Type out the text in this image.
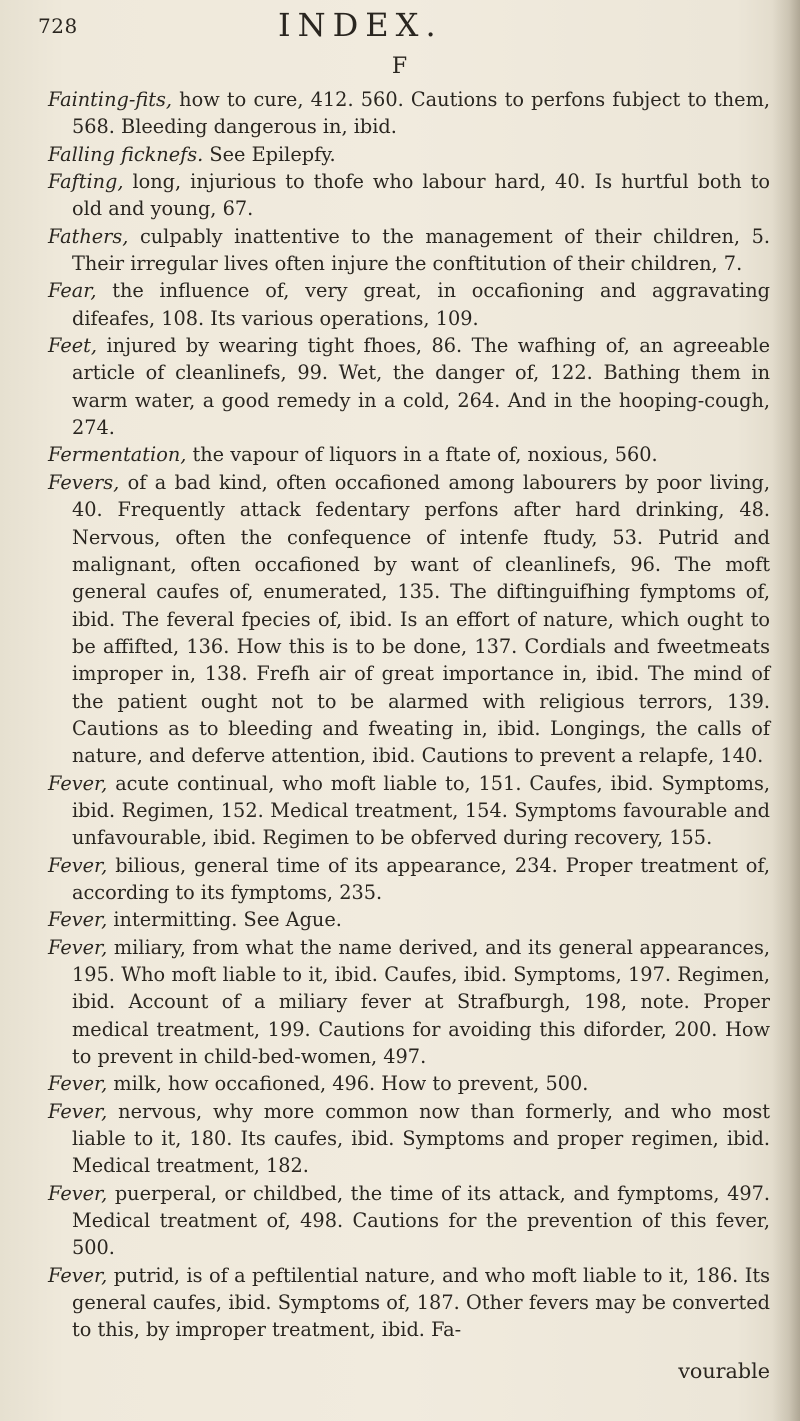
728	INDEX.
F

Fainting-fits, how to cure, 412. 560. Cautions to perfons fubject to them, 568. Bleeding dangerous in, ibid.

Falling ficknefs. See Epilepfy.

Fafting, long, injurious to thofe who labour hard, 40. Is hurtful both to old and young, 67.

Fathers, culpably inattentive to the management of their children, 5. Their irregular lives often injure the conftitution of their children, 7.

Fear, the influence of, very great, in occafioning and aggravating difeafes, 108. Its various operations, 109.

Feet, injured by wearing tight fhoes, 86. The wafhing of, an agreeable article of cleanlinefs, 99. Wet, the danger of, 122. Bathing them in warm water, a good remedy in a cold, 264. And in the hooping-cough, 274.

Fermentation, the vapour of liquors in a ftate of, noxious, 560.

Fevers, of a bad kind, often occafioned among labourers by poor living, 40. Frequently attack fedentary perfons after hard drinking, 48. Nervous, often the confequence of intenfe ftudy, 53. Putrid and malignant, often occafioned by want of cleanlinefs, 96. The moft general caufes of, enumerated, 135. The diftinguifhing fymptoms of, ibid. The feveral fpecies of, ibid. Is an effort of nature, which ought to be affifted, 136. How this is to be done, 137. Cordials and fweetmeats improper in, 138. Frefh air of great importance in, ibid. The mind of the patient ought not to be alarmed with religious terrors, 139. Cautions as to bleeding and fweating in, ibid. Longings, the calls of nature, and deferve attention, ibid. Cautions to prevent a relapfe, 140.

Fever, acute continual, who moft liable to, 151. Caufes, ibid. Symptoms, ibid. Regimen, 152. Medical treatment, 154. Symptoms favourable and unfavourable, ibid. Regimen to be obferved during recovery, 155.

Fever, bilious, general time of its appearance, 234. Proper treatment of, according to its fymptoms, 235.

Fever, intermitting. See Ague.

Fever, miliary, from what the name derived, and its general appearances, 195. Who moft liable to it, ibid. Caufes, ibid. Symptoms, 197. Regimen, ibid. Account of a miliary fever at Strafburgh, 198, note. Proper medical treatment, 199. Cautions for avoiding this diforder, 200. How to prevent in child-bed-women, 497.

Fever, milk, how occafioned, 496. How to prevent, 500.

Fever, nervous, why more common now than formerly, and who most liable to it, 180. Its caufes, ibid. Symptoms and proper regimen, ibid. Medical treatment, 182.

Fever, puerperal, or childbed, the time of its attack, and fymptoms, 497. Medical treatment of, 498. Cautions for the prevention of this fever, 500.

Fever, putrid, is of a peftilential nature, and who moft liable to it, 186. Its general caufes, ibid. Symptoms of, 187. Other fevers may be converted to this, by improper treatment, ibid. Fa-

vourable
